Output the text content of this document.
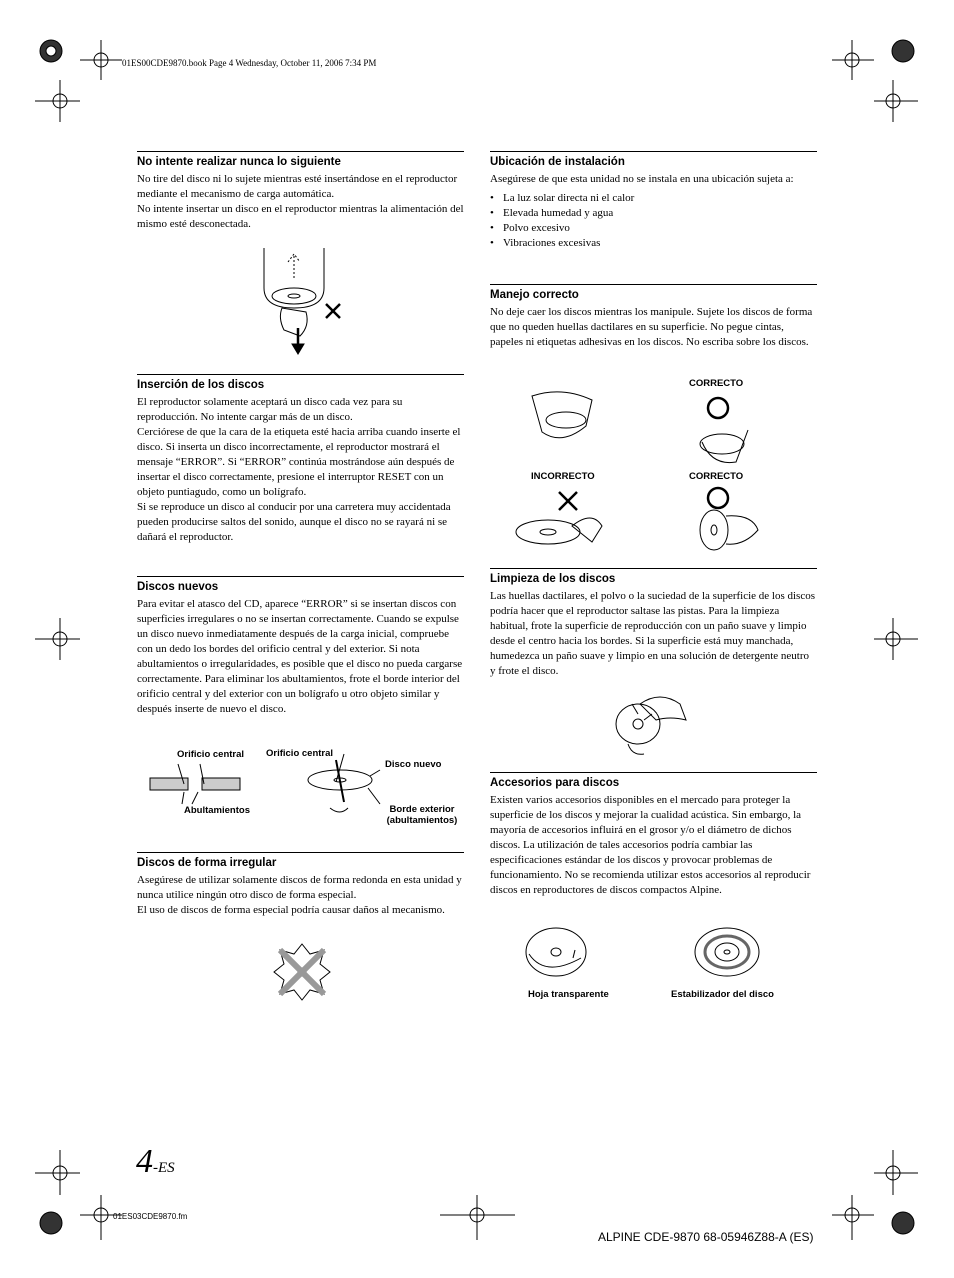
01ES00CDE9870.book Page 4 Wednesday, October 11, 2006 7:34 PM
No intente realizar nunca lo siguiente

No tire del disco ni lo sujete mientras esté insertándose en el reproductor mediante el mecanismo de carga automática.

No intente insertar un disco en el reproductor mientras la alimentación del mismo esté desconectada.

Inserción de los discos

El reproductor solamente aceptará un disco cada vez para su reproducción. No intente cargar más de un disco.

Cerciórese de que la cara de la etiqueta esté hacia arriba cuando inserte el disco. Si inserta un disco incorrectamente, el reproductor mostrará el mensaje “ERROR”. Si “ERROR” continúa mostrándose aún después de insertar el disco correctamente, presione el interruptor RESET con un objeto puntiagudo, como un bolígrafo.

Si se reproduce un disco al conducir por una carretera muy accidentada pueden producirse saltos del sonido, aunque el disco no se rayará ni se dañará el reproductor.

Discos nuevos

Para evitar el atasco del CD, aparece “ERROR” si se insertan discos con superficies irregulares o no se insertan correctamente. Cuando se expulse un disco nuevo inmediatamente después de la carga inicial, compruebe con un dedo los bordes del orificio central y del exterior. Si nota abultamientos o irregularidades, es posible que el disco no pueda cargarse correctamente. Para eliminar los abultamientos, frote el borde interior del orificio central y del exterior con un bolígrafo u otro objeto similar y después inserte de nuevo el disco.

Orificio central
Abultamientos
Orificio central
Disco nuevo
Borde exterior
(abultamientos)
Discos de forma irregular

Asegúrese de utilizar solamente discos de forma redonda en esta unidad y nunca utilice ningún otro disco de forma especial.

El uso de discos de forma especial podría causar daños al mecanismo.

Ubicación de instalación

Asegúrese de que esta unidad no se instala en una ubicación sujeta a:

• La luz solar directa ni el calor
• Elevada humedad y agua
• Polvo excesivo
• Vibraciones excesivas
Manejo correcto

No deje caer los discos mientras los manipule. Sujete los discos de forma que no queden huellas dactilares en su superficie. No pegue cintas, papeles ni etiquetas adhesivas en los discos. No escriba sobre los discos.

CORRECTO
INCORRECTO	CORRECTO
Limpieza de los discos

Las huellas dactilares, el polvo o la suciedad de la superficie de los discos podría hacer que el reproductor saltase las pistas. Para la limpieza habitual, frote la superficie de reproducción con un paño suave y limpio desde el centro hacia los bordes. Si la superficie está muy manchada, humedezca un paño suave y limpio en una solución de detergente neutro y frote el disco.

Accesorios para discos

Existen varios accesorios disponibles en el mercado para proteger la superficie de los discos y mejorar la cualidad acústica. Sin embargo, la mayoría de accesorios influirá en el grosor y/o el diámetro de dichos discos. La utilización de tales accesorios podría cambiar las especificaciones estándar de los discos y provocar problemas de funcionamiento. No se recomienda utilizar estos accesorios al reproducir discos en reproductores de discos compactos Alpine.

Hoja transparente	Estabilizador del disco
4-ES
01ES03CDE9870.fm
ALPINE CDE-9870 68-05946Z88-A (ES)
